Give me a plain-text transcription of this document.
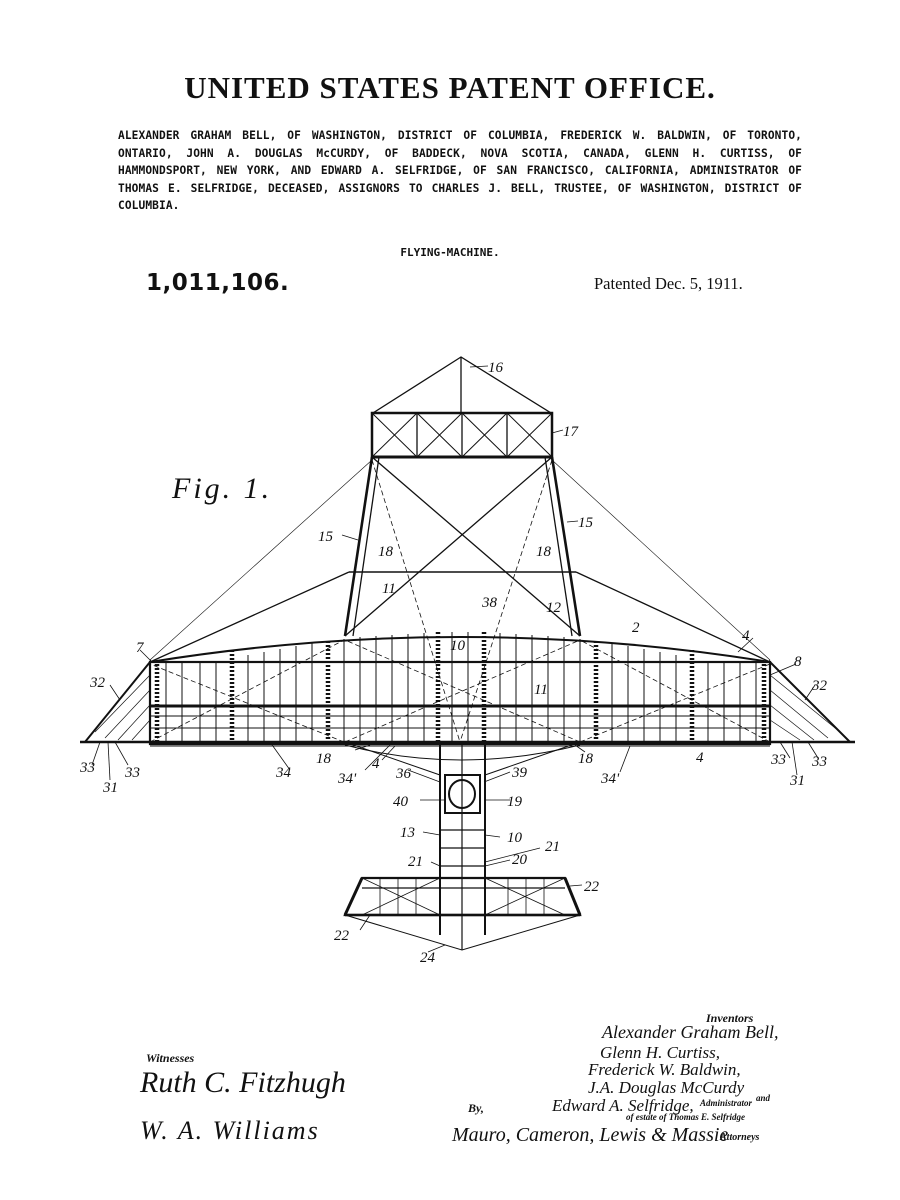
UNITED STATES PATENT OFFICE.
ALEXANDER GRAHAM BELL, OF WASHINGTON, DISTRICT OF COLUMBIA, FREDERICK W. BALDWIN, OF TORONTO, ONTARIO, JOHN A. DOUGLAS McCURDY, OF BADDECK, NOVA SCOTIA, CANADA, GLENN H. CURTISS, OF HAMMONDSPORT, NEW YORK, AND EDWARD A. SELFRIDGE, OF SAN FRANCISCO, CALIFORNIA, ADMINISTRATOR OF THOMAS E. SELFRIDGE, DECEASED, ASSIGNORS TO CHARLES J. BELL, TRUSTEE, OF WASHINGTON, DISTRICT OF COLUMBIA.
FLYING-MACHINE.
1,011,106.	Patented Dec. 5, 1911.
16
17
15
15
18	18
11
12
38
2	4
7
8
10
11
32	32
33 33
31
34
18
34'
4
36	39
40	19
18
34'
4	33 33
31
13	10
21
21	20
22
22
24
Fig. 1.
Witnesses
Ruth C. Fitzhugh
W. A. Williams
Inventors
Alexander Graham Bell,
Glenn H. Curtiss,
Frederick W. Baldwin,
J.A. Douglas McCurdy
and
Edward A. Selfridge, Administrator
of estate of Thomas E. Selfridge
By,
Mauro, Cameron, Lewis & Massie
Attorneys
